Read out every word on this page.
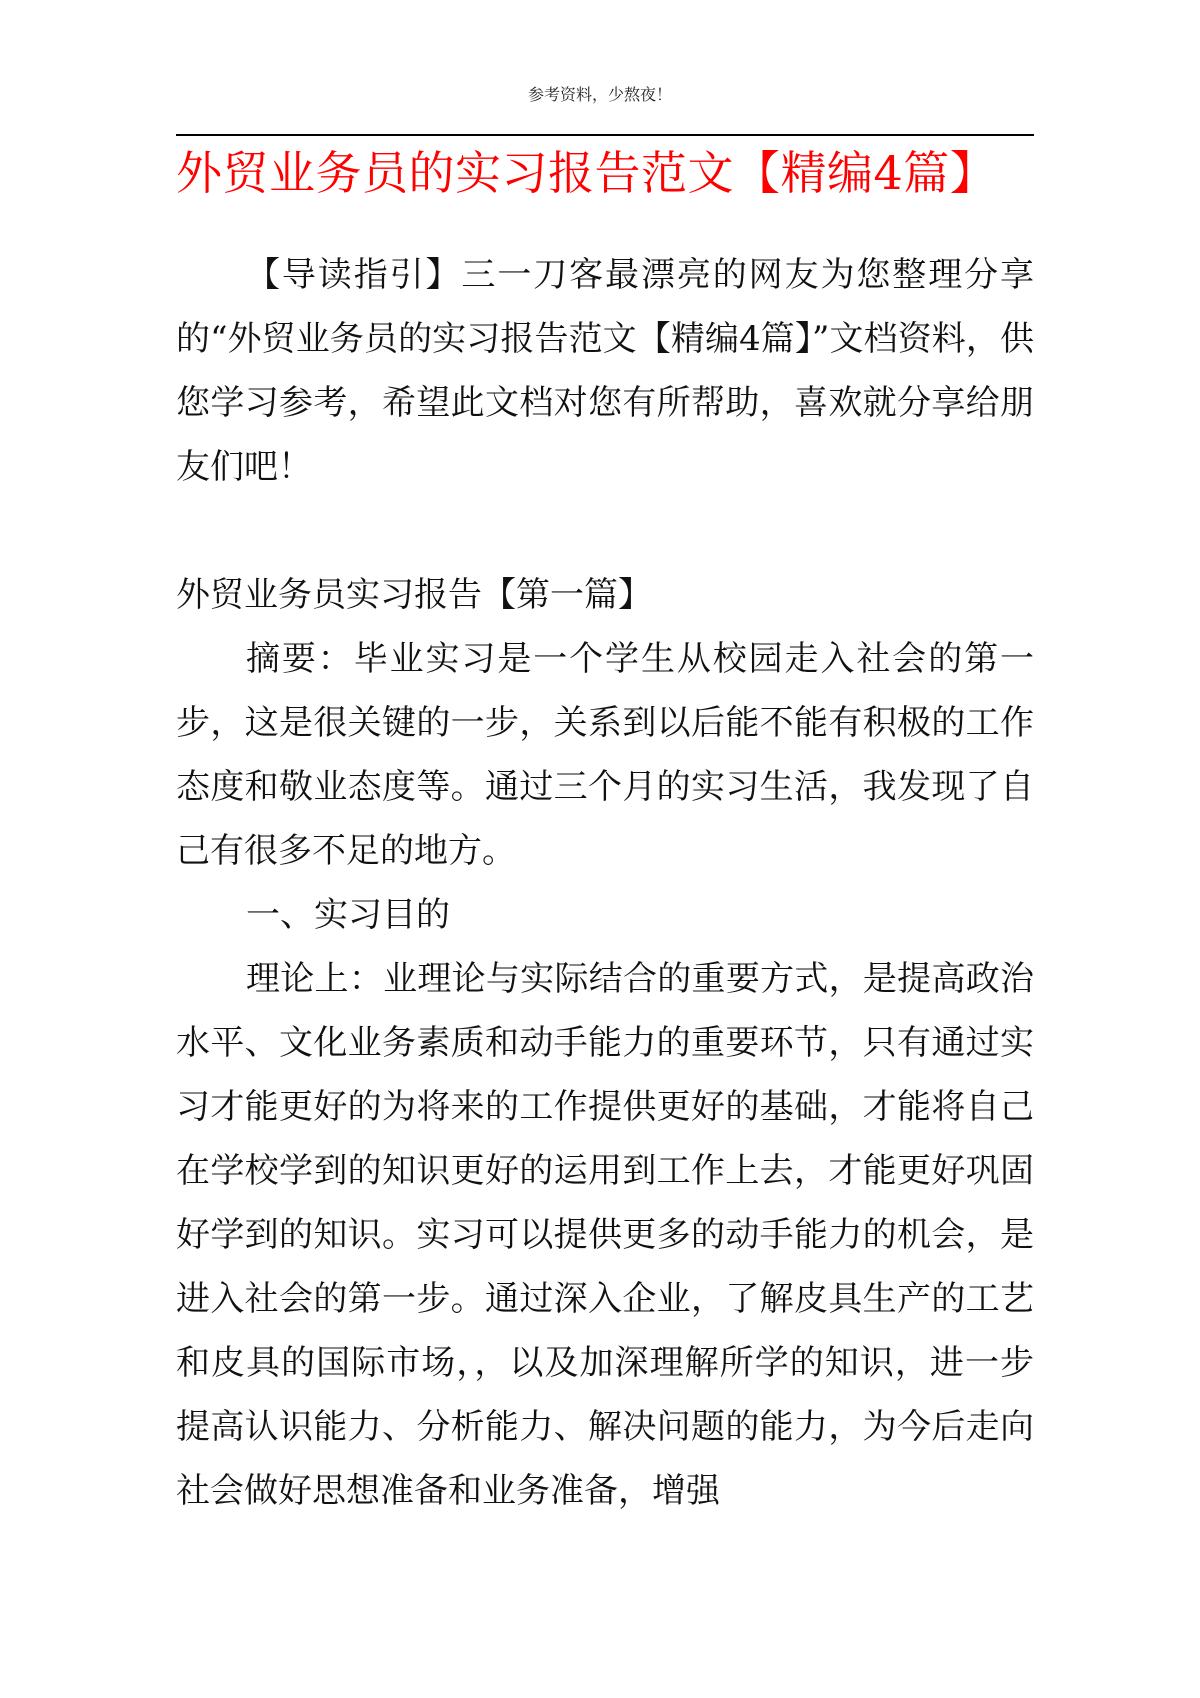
参考资料，少熬夜！
外贸业务员的实习报告范文【精编4篇】

【导读指引】三一刀客最漂亮的网友为您整理分享的“外贸业务员的实习报告范文【精编4篇】”文档资料，供您学习参考，希望此文档对您有所帮助，喜欢就分享给朋友们吧！

外贸业务员实习报告【第一篇】

摘要：毕业实习是一个学生从校园走入社会的第一步，这是很关键的一步，关系到以后能不能有积极的工作态度和敬业态度等。通过三个月的实习生活，我发现了自己有很多不足的地方。

一、实习目的

理论上：业理论与实际结合的重要方式，是提高政治水平、文化业务素质和动手能力的重要环节，只有通过实习才能更好的为将来的工作提供更好的基础，才能将自己在学校学到的知识更好的运用到工作上去，才能更好巩固好学到的知识。实习可以提供更多的动手能力的机会，是进入社会的第一步。通过深入企业，了解皮具生产的工艺和皮具的国际市场，，以及加深理解所学的知识，进一步提高认识能力、分析能力、解决问题的能力，为今后走向社会做好思想准备和业务准备，增强
